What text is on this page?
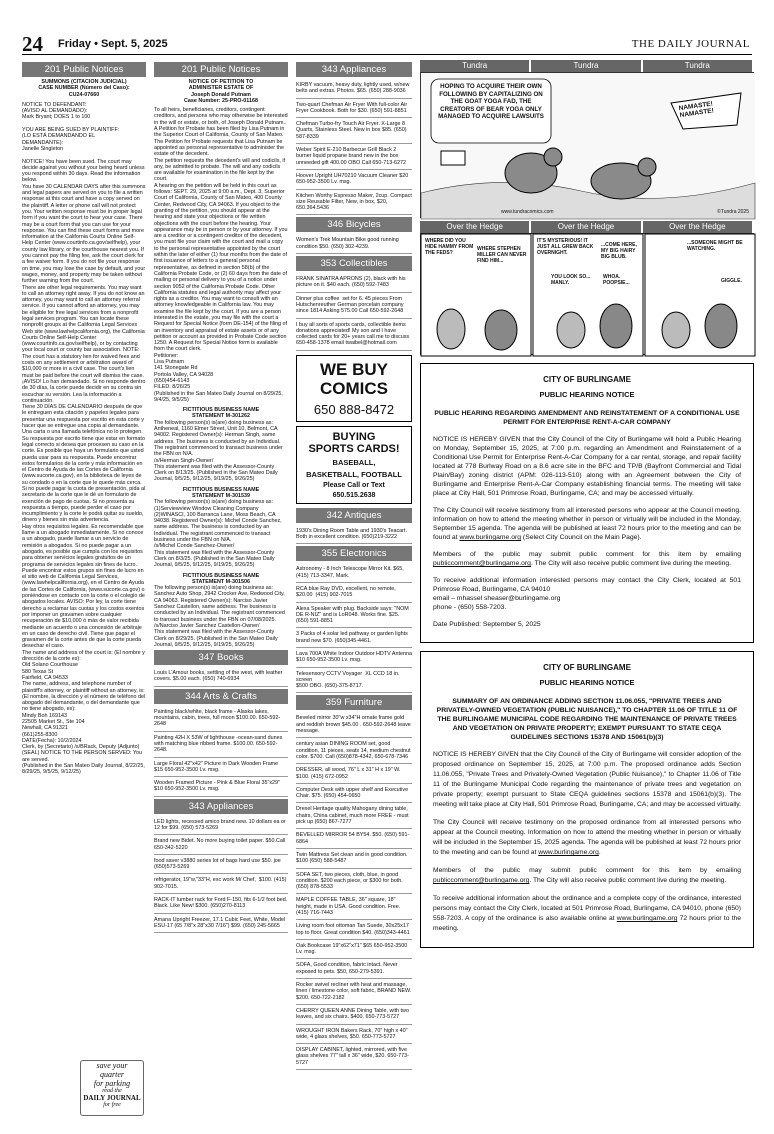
24 Friday • Sept. 5, 2025	THE DAILY JOURNAL
201 Public Notices
SUMMONS (CITACION JUDICIAL)
CASE NUMBER (Número del Caso):
CU24-07660
NOTICE TO DEFENDANT:
(AVISO AL DEMANDADO):
Mark Bryant; DOES 1 to 100

YOU ARE BEING SUED BY PLAINTIFF:
(LO ESTÁ DEMANDANDO EL
DEMANDANTE):
Janelle Singleton

NOTICE! You have been sued. The court may decide against you without your being heard unless you respond within 30 days. Read the information below.
You have 30 CALENDAR DAYS after this summons and legal papers are served on you to file a written response at this court and have a copy served on the plaintiff. A letter or phone call will not protect you. Your written response must be in proper legal form if you want the court to hear your case. There may be a court form that you can use for your response. You can find these court forms and more information at the California Courts Online Self-Help Center (www.courtinfo.ca.gov/selfhelp), your county law library, or the courthouse nearest you. If you cannot pay the filing fee, ask the court clerk for a fee waiver form. If you do not file your response on time, you may lose the case by default, and your wages, money, and property may be taken without further warning from the court.
There are other legal requirements. You may want to call an attorney right away. If you do not know an attorney, you may want to call an attorney referral service. If you cannot afford an attorney, you may be eligible for free legal services from a nonprofit legal services program. You can locate these nonprofit groups at the California Legal Services Web site (www.lawhelpcalifornia.org), the California Courts Online Self-Help Center (www.courtinfo.ca.gov/selfhelp), or by contacting your local court or county bar association. NOTE: The court has a statutory lien for waived fees and costs on any settlement or arbitration award of $10,000 or more in a civil case. The court's lien must be paid before the court will dismiss the case.
¡AVISO! Lo han demandado. Si no responde dentro de 30 días, la corte puede decidir en su contra sin escuchar su versión. Lea la información a continuación.
Tiene 30 DÍAS DE CALENDARIO después de que le entreguen esta citación y papeles legales para presentar una respuesta por escrito en esta corte y hacer que se entregue una copia al demandante. Una carta o una llamada telefónica no lo protegen. Su respuesta por escrito tiene que estar en formato legal correcto si desea que procesen su caso en la corte. Es posible que haya un formulario que usted pueda usar para su respuesta. Puede encontrar estos formularios de la corte y más información en el Centro de Ayuda de las Cortes de California (www.sucorte.ca.gov), en la biblioteca de leyes de su condado o en la corte que le quede más cerca. Si no puede pagar la cuota de presentación, pida al secretario de la corte que le dé un formulario de exención de pago de cuotas. Si no presenta su respuesta a tiempo, puede perder el caso por incumplimiento y la corte le podrá quitar su sueldo, dinero y bienes sin más advertencia.
Hay otros requisitos legales. Es recomendable que llame a un abogado inmediatamente. Si no conoce a un abogado, puede llamar a un servicio de remisión a abogados. Si no puede pagar a un abogado, es posible que cumpla con los requisitos para obtener servicios legales gratuitos de un programa de servicios legales sin fines de lucro. Puede encontrar estos grupos sin fines de lucro en el sitio web de California Legal Services, (www.lawhelpcalifornia.org), en el Centro de Ayuda de las Cortes de California, (www.sucorte.ca.gov) o poniéndose en contacto con la corte o el colegio de abogados locales. AVISO: Por ley, la corte tiene derecho a reclamar las cuotas y los costos exentos por imponer un gravamen sobre cualquier recuperación de $10,000 ó más de valor recibida mediante un acuerdo o una concesión de arbitraje en un caso de derecho civil. Tiene que pagar el gravamen de la corte antes de que la corte pueda desechar el caso.
The name and address of the court is: (El nombre y dirección de la corte es):
Old Solano Courthouse
580 Texas St
Fairfield, CA 94533
The name, address, and telephone number of plaintiff's attorney, or plaintiff without an attorney, is:
(El nombre, la dirección y el número de teléfono del abogado del demandante, o del demandante que no tiene abogado, es):
Mindy Boh 169143
22505 Market St., Ste 104
Newhall, CA 91321
(661)255-8300
DATE(Fecha): 10/2/2024
Clerk, by (Secretario) /s/BRack, Deputy (Adjunto)
(SEAL) NOTICE TO THE PERSON SERVED: You are served.
(Published in the San Mateo Daily Journal, 8/22/25, 8/29/25, 9/5/25, 9/12/25)
save your
quarter
for parking
read the
DAILY JOURNAL
for free
201 Public Notices
NOTICE OF PETITION TO
ADMINISTER ESTATE OF
Joseph Donald Putnam
Case Number: 25-PRO-01168
To all heirs, beneficiaries, creditors, contingent creditors, and persons who may otherwise be interested in the will or estate, or both, of Joseph Donald Putnam.. A Petition for Probate has been filed by Lisa Putnam in the Superior Court of California, County of San Mateo. The Petition for Probate requests that Lisa Putnam be appointed as personal representative to administer the estate of the decedent.
The petition requests the decedent's will and codicils, if any, be admitted to probate. The will and any codicils are available for examination in the file kept by the court.
A hearing on the petition will be held in this court as follows: SEPT. 29, 2025 at 9:00 a.m., Dept. 3, Superior Court of California, County of San Mateo, 400 County Center, Redwood City, CA 94063. If you object to the granting of the petition, you should appear at the hearing and state your objections or file written objections with the court before the hearing. Your appearance may be in person or by your attorney. If you are a creditor or a contingent creditor of the decedent, you must file your claim with the court and mail a copy to the personal representative appointed by the court within the later of either (1) four months from the date of first issuance of letters to a general personal representative, as defined in section 58(b) of the California Probate Code, or (2) 60 days from the date of mailing or personal delivery to you of a notice under section 9052 of the California Probate Code. Other California statutes and legal authority may affect your rights as a creditor. You may want to consult with an attorney knowledgeable in California law. You may examine the file kept by the court. If you are a person interested in the estate, you may file with the court a Request for Special Notice (form DE-154) of the filing of an inventory and appraisal of estate assets or of any petition or account as provided in Probate Code section 1250. A Request for Special Notice form is available from the court clerk.
Petitioner:
Lisa Putnam
141 Stonegate Rd
Portola Valley, CA 94028
(650)454-6143
FILED: 8/26/25
(Published in the San Mateo Daily Journal on 8/29/25, 9/4/25, 9/5/25)
FICTITIOUS BUSINESS NAME
STATEMENT M-301262
The following person(s) is(are) doing business as: Antheneal, 1160 Elmer Street, Unit 10, Belmont, CA 94002. Registered Owner(s): Herman Singh, same address. The business is conducted by an Individual. The registrant commenced to transact business under the FBN on N/A.
/s/Herman Singh-Owner/
This statement was filed with the Assessor-County Clerk on 8/13/25. (Published in the San Mateo Daily Journal, 9/5/25, 9/12/25, 9/19/25, 9/26/25)
FICTITIOUS BUSINESS NAME
STATEMENT M-301539
The following person(s) is(are) doing business as: (1)Serviewview Window Cleaning Company (2)WINASCI, 100 Barranca Lane, Moss Beach, CA 94038. Registered Owner(s): Michel Conde Sanchez, same address. The business is conducted by an Individual. The registrant commenced to transact business under the FBN on N/A.
/s/Michel Conde Sanchez-Owner/
This statement was filed with the Assessor-County Clerk on 8/3/25. (Published in the San Mateo Daily Journal, 9/5/25, 9/12/25, 9/19/25, 9/26/25)
FICTITIOUS BUSINESS NAME
STATEMENT M-301506
The following person(s) is(are) doing business as: Sanchez Auto Shop, 2942 Crocker Ave, Redwood City, CA 94063. Registered Owner(s): Narciso Javier Sanchez Castellon, same address. The business is conducted by an Individual. The registrant commenced to transact business under the FBN on 07/08/2025.
/s/Narciso Javier Sanchez Castellon-Owner/
This statement was filed with the Assessor-County Clerk on 8/29/25. (Published in the San Mateo Daily Journal, 9/5/25, 9/12/25, 9/19/25, 9/26/25)
347 Books
Louis L'Amour books, settling of the west, with leather covers. $5.00 each. (650) 740-6934
344 Arts & Crafts
Painting black/white, black frame - Alaska lakes, mountains, cabin, trees, full moon $100.00. 650-592-2648
Painting 42H X 53W of lighthouse -ocean-sand dunes with matching blue ribbed frame. $100.00. 650-592-2648.
Large Floral 42"x42" Picture in Dark Wooden Frame $15 650-952-3500 Lv. msg.
Wooden Framed Picture - Pink & Blue Floral 35"x29" $10 650-952-3500 Lv. msg.
343 Appliances
LED lights, recessed amico brand new. 10 dollars ea or 12 for $99. (650) 573-5269
Brand new Bidet. No more buying toilet paper. $50.Call 650-342-5220
food saver v3880 series lot of bags hard use $50. joe (650)573-5269
refrigerator, 19"w,"33"H, exc work M/ Chef,  $100. (415) 902-7015.
RACK-IT lumber rack for Ford F-150, fits 6-1/2 foot bed. Black. Like New! $300. (650)270-8113
Amana Upright Freezer, 17.1 Cubic Feet, White, Model ESU-17 (65 7/8"x 28"x30 7/16") $99. (650) 245-5665
343 Appliances
KIRBY vacuum, heavy duty, lightly used, w/new belts and extras. Photos. $65. (650) 288-9036
Two-quart Chefman Air Fryer With full-color Air Fryer Cookbook. Both for $30. (650) 591-8851
Chefman Turbo-fry Touch Air Fryer. X-Large 8 Quarts, Stainless Steel. New in box $85. (650) 587-8339
Weber Spirit E-210 Barbecue Grill Black 2 burner liquid propane brand new in the box unneeded gift 400.00 OBO Call 650-713-6272
Hoover Upright UH70210 Vacuum Cleaner $20 650-952-3500 Lv. msg.
Kitchen Worthy Espresso Maker, 2cup. Compact size Reusable Filter, New, in box, $20, 650.364.5436
346 Bicycles
Women's Trek Mountain Bike good running condition $50. (650) 302-4239.
353 Collectibles
FRANK SINATRA APRONS (2), black with his picture on it. $40 each. (650) 592-7483
Dinner plus coffee  set for 6. 45 pieces From Hutschenreuther German porcelain company since 1814 Asking 575.00 Call 650-592-2648
I buy all sorts of sports cards, collectible items donations appreciated! My son and I have collected cards for 20+ years call me to discuss
650-458-1378 email twaibel@hotmail.com
WE BUY
COMICS
650 888-8472
BUYING
SPORTS CARDS!
BASEBALL,
BASKETBALL, FOOTBALL
Please Call or Text
650.515.2638
342 Antiques
1930's Dining Room Table and 1930's Teacart.  Both in excellent condition. (650)219-3222
355 Electronics
Astronomy - 8 Inch Telescope Mirror Kit. $65, (415) 713-3347, Mark.
RCA blue Ray DVD, excellent, no remote,    $20.00  (415) 902-7015
Alexa Speaker with plug. Backside says: "NOM DE R-NIZ" and is LoR048. Works fine. $25. (650) 591-8851
3 Packs of 4 solar led pathway or garden lights brand new $70. (650)345-4461.
Lava 700A White Indoor Outdoor HDTV Antenna $10 650-952-3500 Lv. msg.
Telesensory CCTV Voyager  XL CCD 18 in. screen
$500 OBO. (650)-375-8717.
359 Furniture
Beveled mirror 30"w x34"H ornate frame gold and reddish brown $45.00 . 650-592-2648 leave message.
century asian DINING ROOM set, good condition, 11 pieces, seats 14, medium chestnut color. $700. Call (650)878-4342, 650-678-7346
DRESSER, all wood, 76" L x 31" H x 19" W. $100. (415) 672-0952
Computer Desk with upper shelf and Executive Chair. $75. (650) 454-0650
Drexel Heritage quality Mahogany dining table, chairs, China cabinet, much more FREE - must pick up (650) 867-7277
BEVELLED MIRROR 54 BY54. $50. (650) 591-6864
Twin Mattress Set clean and in good condition. $100 (650) 588-5487
SOFA SET, two pieces, cloth, blue, in good condition. $200 each piece, or $300 for both. (650) 878-5533
MAPLE COFFEE TABLE, 36" square, 18" height, made in USA. Good condition. Free.(415) 716-7443
Living room foot ottoman Tan Suede, 30x25x17 top to floor. Great condition $40. (650)343-4461
Oak Bookcase 19"x62"x71" $65 650-952-3500 Lv. msg.
SOFA, Good condition, fabric intact. Never exposed to pets. $50, 650-279-5391.
Rocker swivel recliner with heat and massage, linen / limestone color, soft fabric, BRAND NEW. $200. 650-722-2182
CHERRY QUEEN ANNE Dining Table, with two leaves, and six chairs. $400. 650-773-5727
WROUGHT IRON Bakers Rack, 70" high x 40" wide, 4 glass shelves, $50. 650-773-5727
DISPLAY CABINET, lighted, mirrored, with five glass shelves 77" tall x 36" wide, $20. 650-773-5727
Tundra	Tundra	Tundra
HOPING TO ACQUIRE THEIR OWN FOLLOWING BY CAPITALIZING ON THE GOAT YOGA FAD, THE CREATORS OF BEAR YOGA ONLY MANAGED TO ACQUIRE LAWSUITS
NAMASTE! NAMASTE!
www.tundracomics.com	©Tundra 2025
Over the Hedge	Over the Hedge	Over the Hedge
WHERE DID YOU HIDE HAMMY FROM THE FEDS?
WHERE STEPHEN MILLER CAN NEVER FIND HIM...
IT'S MYSTERIOUS! IT JUST ALL GREW BACK OVERNIGHT.
YOU LOOK SO... MANLY.
...COME HERE, MY BIG HAIRY BIG BLUB.
WHOA. POOPSIE...
...SOMEONE MIGHT BE WATCHING.
GIGGLE.
CITY OF BURLINGAME
PUBLIC HEARING NOTICE
PUBLIC HEARING REGARDING AMENDMENT AND REINSTATEMENT OF A CONDITIONAL USE PERMIT FOR ENTERPRISE RENT-A-CAR COMPANY
NOTICE IS HEREBY GIVEN that the City Council of the City of Burlingame will hold a Public Hearing on Monday, September 15, 2025, at 7:00 p.m. regarding an Amendment and Reinstatement of a Conditional Use Permit for Enterprise Rent-A-Car Company for a car rental, storage, and repair facility located at 778 Burlway Road on a 8.6 acre site in the BFC and TP/B (Bayfront Commercial and Tidal Plain/Bay) zoning district (APM: 026-113-510) along with an Agreement between the City of Burlingame and Enterprise Rent-A-Car Company establishing financial terms. The meeting will take place at City Hall, 501 Primrose Road, Burlingame, CA; and may be accessed virtually.
The City Council will receive testimony from all interested persons who appear at the Council meeting. Information on how to attend the meeting whether in person or virtually will be included in the Monday, September 15 agenda. The agenda will be published at least 72 hours prior to the meeting and can be found at www.burlingame.org (Select City Council on the Main Page).
Members of the public may submit public comment for this item by emailing publiccomment@burlingame.org. The City will also receive public comment live during the meeting.
To receive additional information interested persons may contact the City Clerk, located at 501 Primrose Road, Burlingame, CA 94010
email – mhassel sheaser@burlingame.org
phone - (650) 558-7203.
Date Published: September 5, 2025
CITY OF BURLINGAME
PUBLIC HEARING NOTICE
SUMMARY OF AN ORDINANCE ADDING SECTION 11.06.055, "PRIVATE TREES AND PRIVATELY-OWNED VEGETATION (PUBLIC NUISANCE)," TO CHAPTER 11.06 OF TITLE 11 OF THE BURLINGAME MUNICIPAL CODE REGARDING THE MAINTENANCE OF PRIVATE TREES AND VEGETATION ON PRIVATE PROPERTY; EXEMPT PURSUANT TO STATE CEQA GUIDELINES SECTIONS 15378 AND 15061(b)(3)
NOTICE IS HEREBY GIVEN that the City Council of the City of Burlingame will consider adoption of the proposed ordinance on September 15, 2025, at 7:00 p.m. The proposed ordinance adds Section 11.06.055, "Private Trees and Privately-Owned Vegetation (Public Nuisance)," to Chapter 11.06 of Title 11 of the Burlingame Municipal Code regarding the maintenance of private trees and vegetation on private property; exempt pursuant to State CEQA guidelines sections 15378 and 15061(b)(3). The meeting will take place at City Hall, 501 Primrose Road, Burlingame, CA; and may be accessed virtually.
The City Council will receive testimony on the proposed ordinance from all interested persons who appear at the Council meeting. Information on how to attend the meeting whether in person or virtually will be included in the September 15, 2025 agenda. The agenda will be published at least 72 hours prior to the meeting and can be found at www.burlingame.org.
Members of the public may submit public comment for this item by emailing publiccomment@burlingame.org. The City will also receive public comment live during the meeting.
To receive additional information about the ordinance and a complete copy of the ordinance, interested persons may contact the City Clerk, located at 501 Primrose Road, Burlingame, CA 94010, phone (650) 558-7203. A copy of the ordinance is also available online at www.burlingame.org 72 hours prior to the meeting.
